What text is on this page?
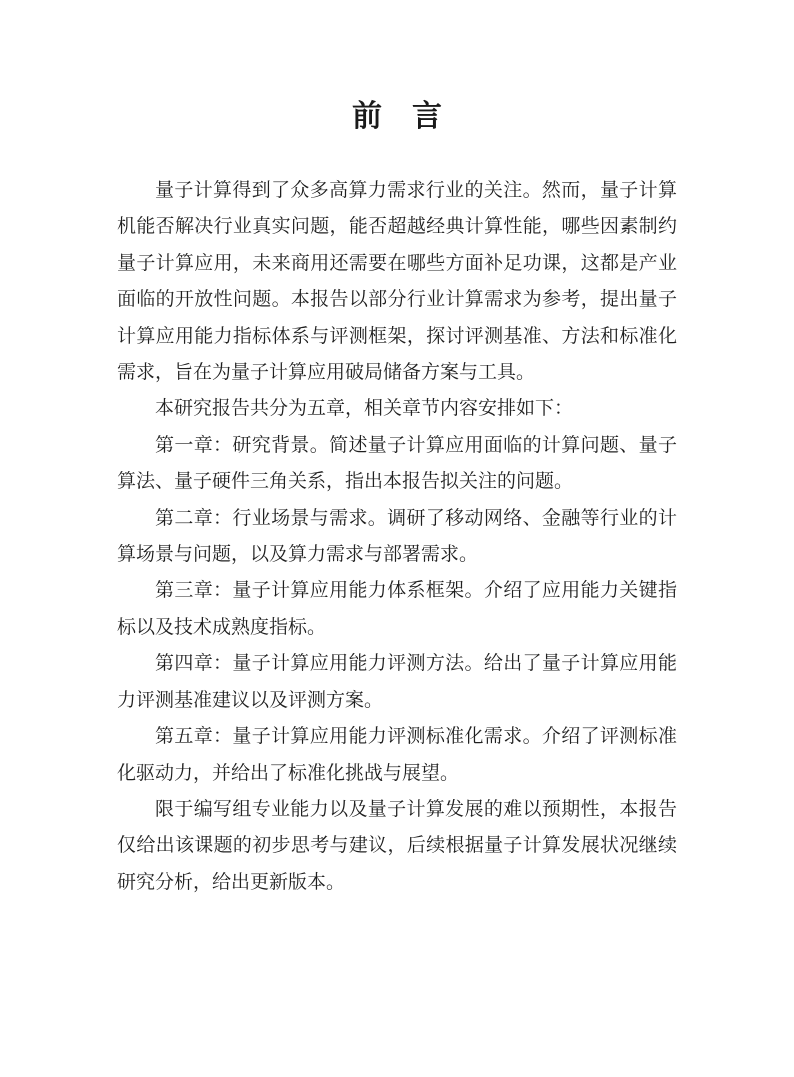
前　言

量子计算得到了众多高算力需求行业的关注。然而，量子计算机能否解决行业真实问题，能否超越经典计算性能，哪些因素制约量子计算应用，未来商用还需要在哪些方面补足功课，这都是产业面临的开放性问题。本报告以部分行业计算需求为参考，提出量子计算应用能力指标体系与评测框架，探讨评测基准、方法和标准化需求，旨在为量子计算应用破局储备方案与工具。

本研究报告共分为五章，相关章节内容安排如下：

第一章：研究背景。简述量子计算应用面临的计算问题、量子算法、量子硬件三角关系，指出本报告拟关注的问题。

第二章：行业场景与需求。调研了移动网络、金融等行业的计算场景与问题，以及算力需求与部署需求。

第三章：量子计算应用能力体系框架。介绍了应用能力关键指标以及技术成熟度指标。

第四章：量子计算应用能力评测方法。给出了量子计算应用能力评测基准建议以及评测方案。

第五章：量子计算应用能力评测标准化需求。介绍了评测标准化驱动力，并给出了标准化挑战与展望。

限于编写组专业能力以及量子计算发展的难以预期性，本报告仅给出该课题的初步思考与建议，后续根据量子计算发展状况继续研究分析，给出更新版本。
